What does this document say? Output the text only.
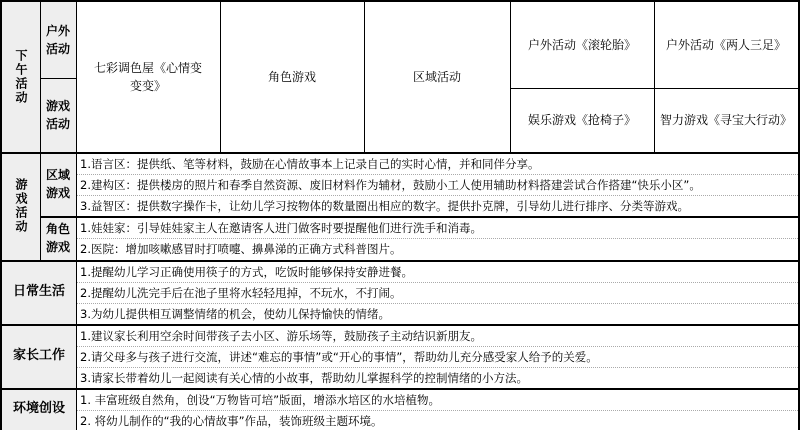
下午活动
户外活动
游戏活动
七彩调色屋《心情变变变》
角色游戏	区域活动
户外活动《滚轮胎》 户外活动《两人三足》
娱乐游戏《抢椅子》 智力游戏《寻宝大行动》
游戏活动
区域游戏
角色游戏
1.语言区：提供纸、笔等材料，鼓励在心情故事本上记录自己的实时心情，并和同伴分享。
2.建构区：提供楼房的照片和春季自然资源、废旧材料作为辅材，鼓励小工人使用辅助材料搭建尝试合作搭建“快乐小区”。
3.益智区：提供数字操作卡，让幼儿学习按物体的数量圈出相应的数字。提供扑克牌，引导幼儿进行排序、分类等游戏。
1.娃娃家：引导娃娃家主人在邀请客人进门做客时要提醒他们进行洗手和消毒。
2.医院：增加咳嗽感冒时打喷嚏、擤鼻涕的正确方式科普图片。
日常生活
1.提醒幼儿学习正确使用筷子的方式，吃饭时能够保持安静进餐。
2.提醒幼儿洗完手后在池子里将水轻轻甩掉，不玩水，不打闹。
3.为幼儿提供相互调整情绪的机会，使幼儿保持愉快的情绪。
家长工作
1.建议家长利用空余时间带孩子去小区、游乐场等，鼓励孩子主动结识新朋友。
2.请父母多与孩子进行交流，讲述“难忘的事情”或“开心的事情”，帮助幼儿充分感受家人给予的关爱。
3.请家长带着幼儿一起阅读有关心情的小故事，帮助幼儿掌握科学的控制情绪的小方法。
环境创设
1. 丰富班级自然角，创设“万物皆可培”版面，增添水培区的水培植物。
2. 将幼儿制作的“我的心情故事”作品，装饰班级主题环境。
